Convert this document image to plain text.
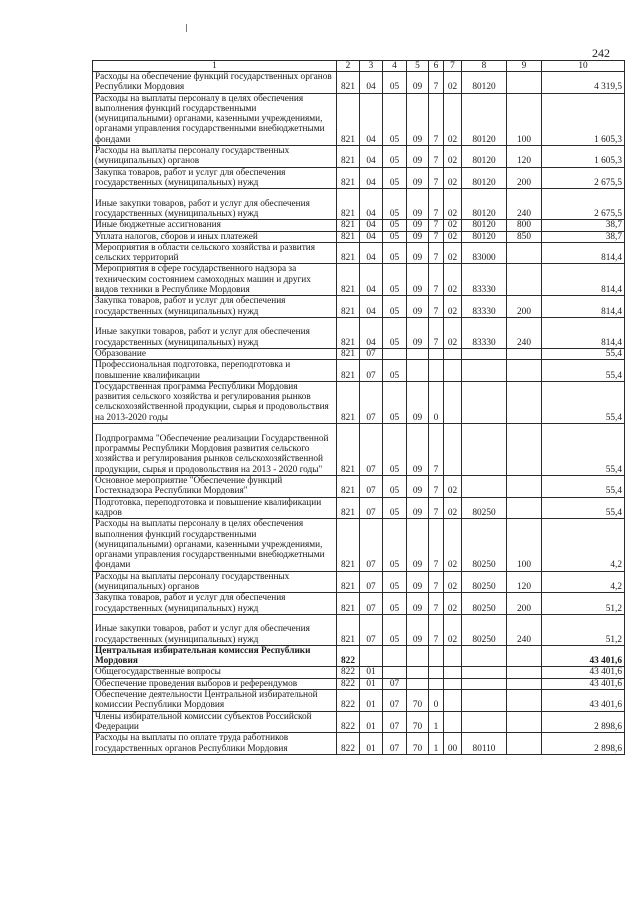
242
1	2	3	4	5	6	7	8	9	10
Расходы на обеспечение функций государственных органов Республики Мордовия	821	04	05	09	7	02	80120		4 319,5
Расходы на выплаты персоналу в целях обеспечения выполнения функций государственными (муниципальными) органами, казенными учреждениями, органами управления государственными внебюджетными фондами	821	04	05	09	7	02	80120	100	1 605,3
Расходы на выплаты персоналу государственных (муниципальных) органов	821	04	05	09	7	02	80120	120	1 605,3
Закупка товаров, работ и услуг для обеспечения государственных (муниципальных) нужд	821	04	05	09	7	02	80120	200	2 675,5
Иные закупки товаров, работ и услуг для обеспечения государственных (муниципальных) нужд	821	04	05	09	7	02	80120	240	2 675,5
Иные бюджетные ассигнования	821	04	05	09	7	02	80120	800	38,7
Уплата налогов, сборов и иных платежей	821	04	05	09	7	02	80120	850	38,7
Мероприятия в области сельского хозяйства и развития сельских территорий	821	04	05	09	7	02	83000		814,4
Мероприятия в сфере государственного надзора за техническим состоянием самоходных машин и других видов техники в Республике Мордовия	821	04	05	09	7	02	83330		814,4
Закупка товаров, работ и услуг для обеспечения государственных (муниципальных) нужд	821	04	05	09	7	02	83330	200	814,4
Иные закупки товаров, работ и услуг для обеспечения государственных (муниципальных) нужд	821	04	05	09	7	02	83330	240	814,4
Образование	821	07							55,4
Профессиональная подготовка, переподготовка и повышение квалификации	821	07	05						55,4
Государственная программа Республики Мордовия развития сельского хозяйства и регулирования рынков сельскохозяйственной продукции, сырья и продовольствия на 2013-2020 годы	821	07	05	09	0				55,4
Подпрограмма "Обеспечение реализации Государственной программы Республики Мордовия развития сельского хозяйства и регулирования рынков сельскохозяйственной продукции, сырья и продовольствия на 2013 - 2020 годы"	821	07	05	09	7				55,4
Основное мероприятие "Обеспечение функций Гостехнадзора Республики Мордовия"	821	07	05	09	7	02			55,4
Подготовка, переподготовка и повышение квалификации кадров	821	07	05	09	7	02	80250		55,4
Расходы на выплаты персоналу в целях обеспечения выполнения функций государственными (муниципальными) органами, казенными учреждениями, органами управления государственными внебюджетными фондами	821	07	05	09	7	02	80250	100	4,2
Расходы на выплаты персоналу государственных (муниципальных) органов	821	07	05	09	7	02	80250	120	4,2
Закупка товаров, работ и услуг для обеспечения государственных (муниципальных) нужд	821	07	05	09	7	02	80250	200	51,2
Иные закупки товаров, работ и услуг для обеспечения государственных (муниципальных) нужд	821	07	05	09	7	02	80250	240	51,2
Центральная избирательная комиссия Республики Мордовия	822								43 401,6
Общегосударственные вопросы	822	01							43 401,6
Обеспечение проведения выборов и референдумов	822	01	07						43 401,6
Обеспечение деятельности Центральной избирательной комиссии Республики Мордовия	822	01	07	70	0				43 401,6
Члены избирательной комиссии субъектов Российской Федерации	822	01	07	70	1				2 898,6
Расходы на выплаты по оплате труда работников государственных органов Республики Мордовия	822	01	07	70	1	00	80110		2 898,6
